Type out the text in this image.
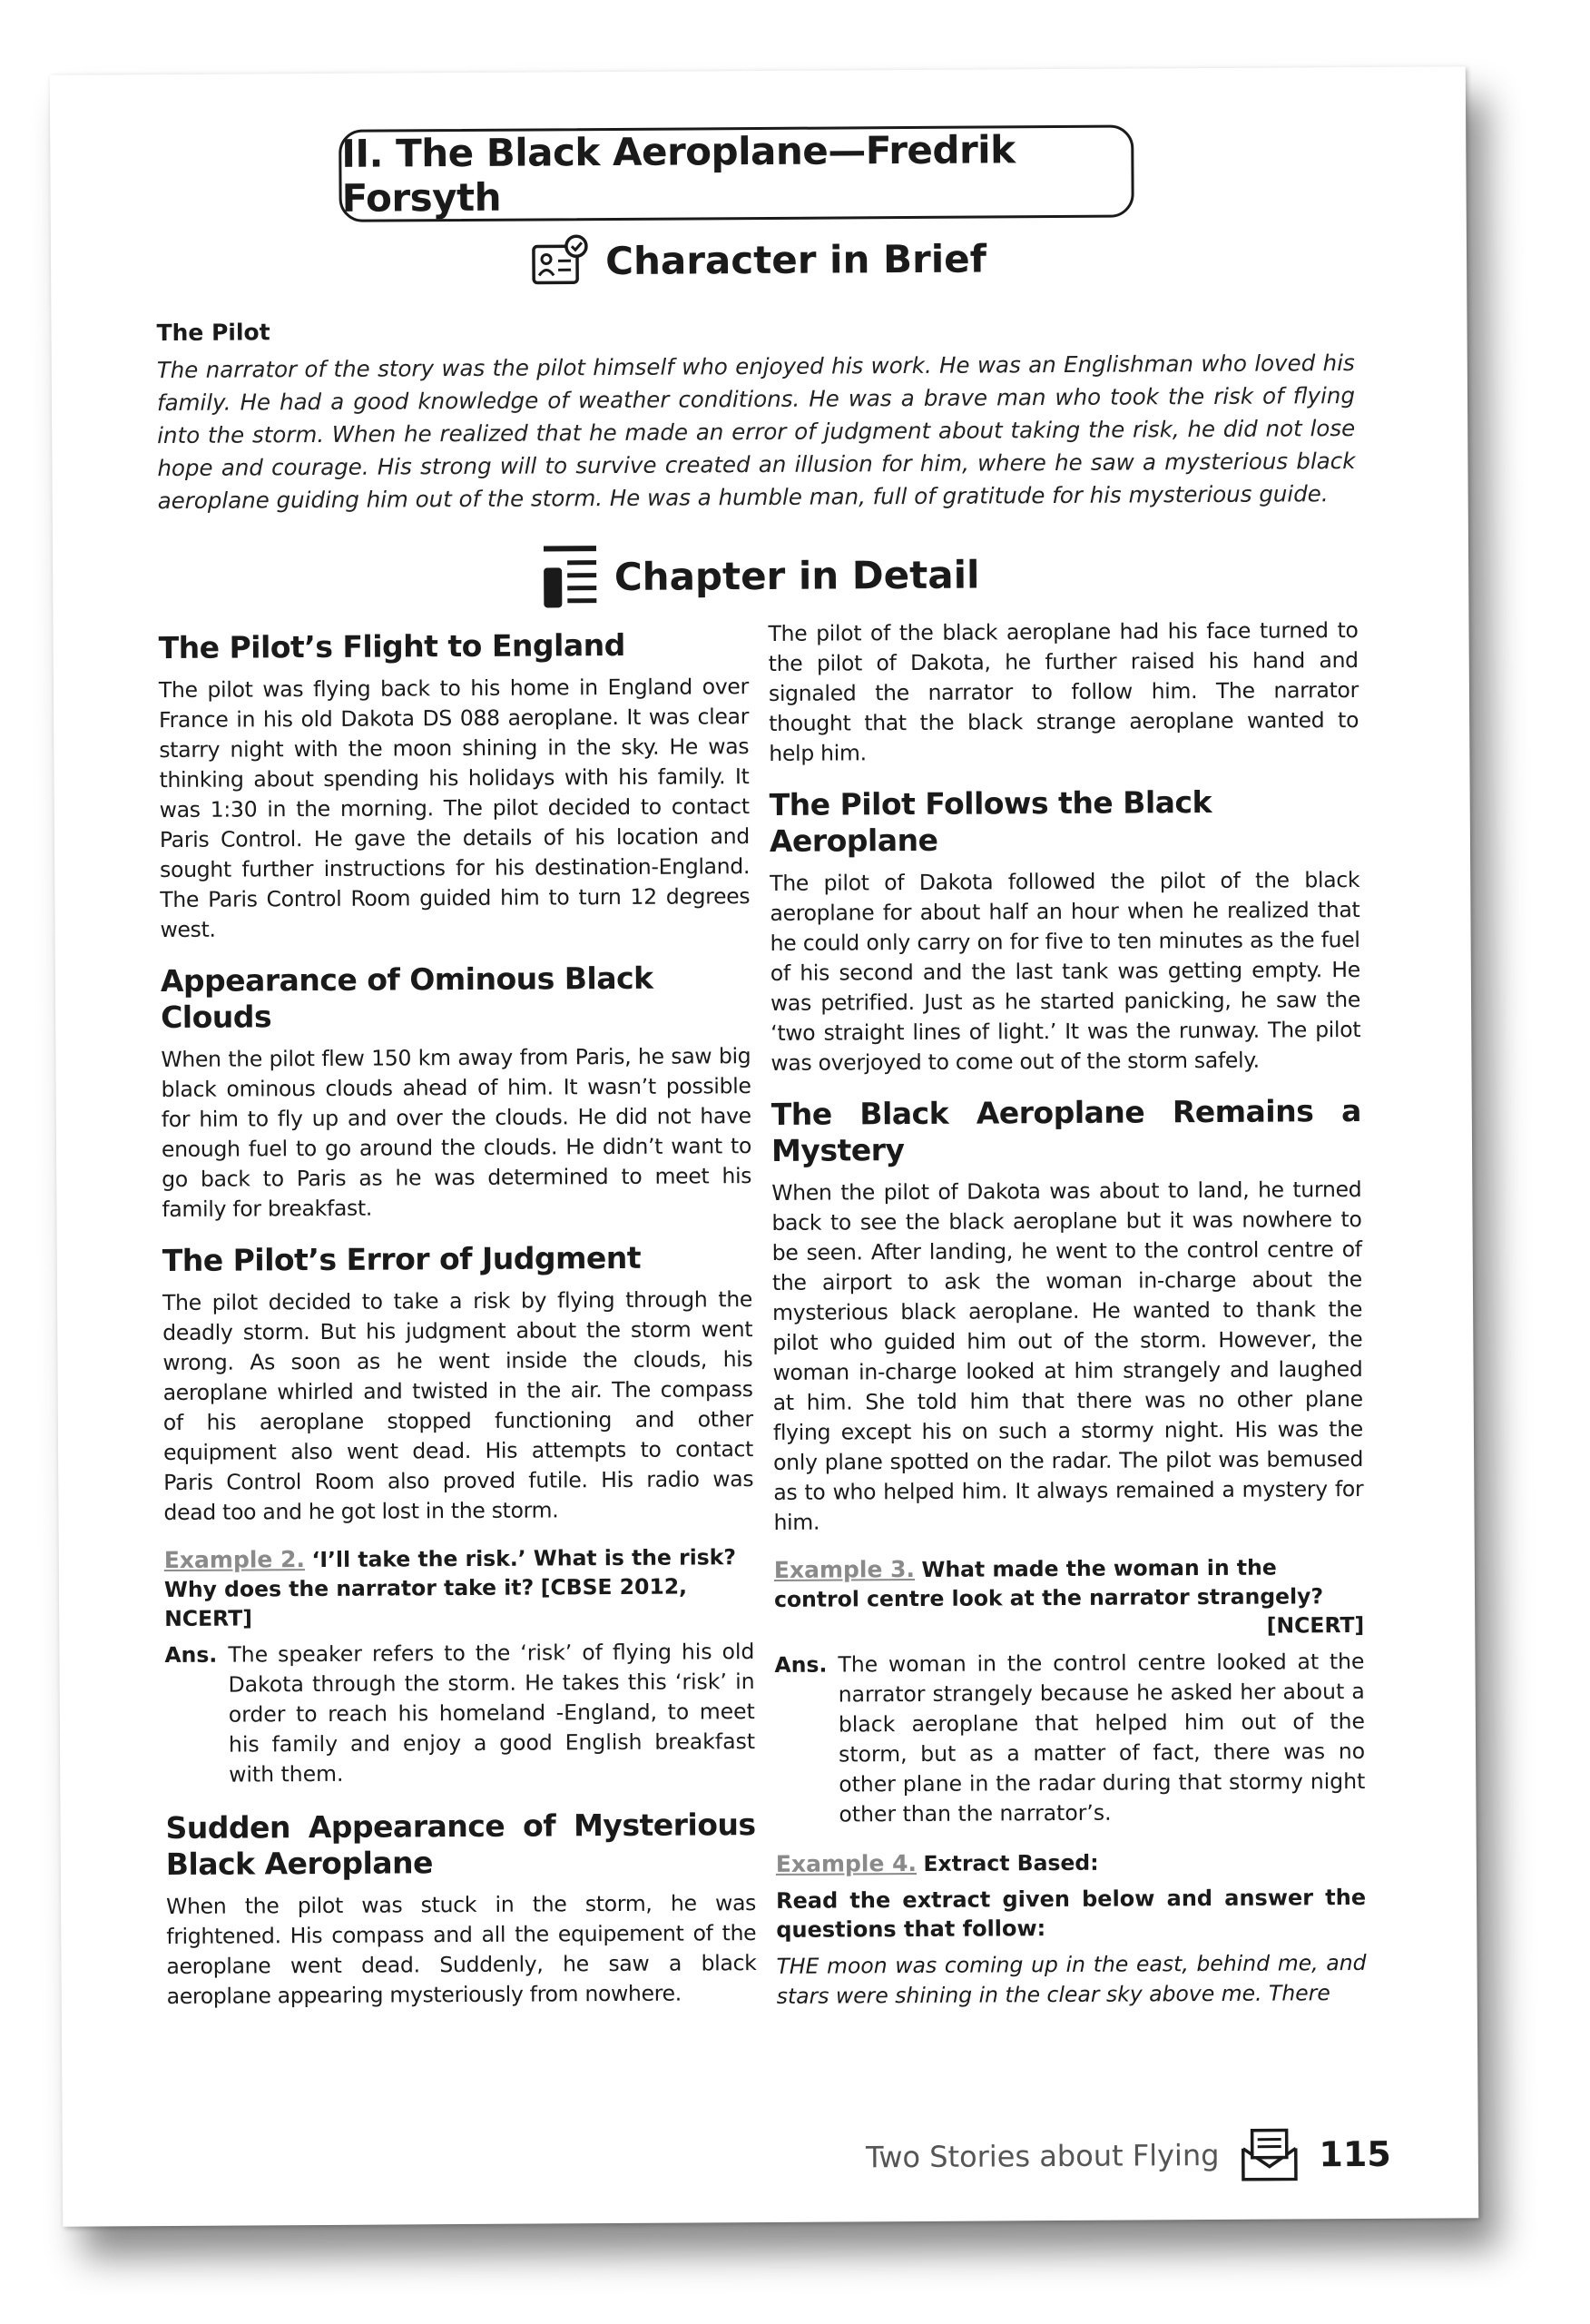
II. The Black Aeroplane—Fredrik Forsyth
Character in Brief
The Pilot
The narrator of the story was the pilot himself who enjoyed his work. He was an Englishman who loved his family. He had a good knowledge of weather conditions. He was a brave man who took the risk of flying into the storm. When he realized that he made an error of judgment about taking the risk, he did not lose hope and courage. His strong will to survive created an illusion for him, where he saw a mysterious black aeroplane guiding him out of the storm. He was a humble man, full of gratitude for his mysterious guide.
Chapter in Detail
The Pilot’s Flight to England

The pilot was flying back to his home in England over France in his old Dakota DS 088 aeroplane. It was clear starry night with the moon shining in the sky. He was thinking about spending his holidays with his family. It was 1:30 in the morning. The pilot decided to contact Paris Control. He gave the details of his location and sought further instructions for his destination-England. The Paris Control Room guided him to turn 12 degrees west.

Appearance of Ominous Black Clouds

When the pilot flew 150 km away from Paris, he saw big black ominous clouds ahead of him. It wasn’t possible for him to fly up and over the clouds. He did not have enough fuel to go around the clouds. He didn’t want to go back to Paris as he was determined to meet his family for breakfast.

The Pilot’s Error of Judgment

The pilot decided to take a risk by flying through the deadly storm. But his judgment about the storm went wrong. As soon as he went inside the clouds, his aeroplane whirled and twisted in the air. The compass of his aeroplane stopped functioning and other equipment also went dead. His attempts to contact Paris Control Room also proved futile. His radio was dead too and he got lost in the storm.

Example 2. ‘I’ll take the risk.’ What is the risk? Why does the narrator take it? [CBSE 2012, NCERT]
Ans. The speaker refers to the ‘risk’ of flying his old Dakota through the storm. He takes this ‘risk’ in order to reach his homeland -England, to meet his family and enjoy a good English breakfast with them.
Sudden Appearance of Mysterious Black Aeroplane

When the pilot was stuck in the storm, he was frightened. His compass and all the equipement of the aeroplane went dead. Suddenly, he saw a black aeroplane appearing mysteriously from nowhere.

The pilot of the black aeroplane had his face turned to the pilot of Dakota, he further raised his hand and signaled the narrator to follow him. The narrator thought that the black strange aeroplane wanted to help him.

The Pilot Follows the Black Aeroplane

The pilot of Dakota followed the pilot of the black aeroplane for about half an hour when he realized that he could only carry on for five to ten minutes as the fuel of his second and the last tank was getting empty. He was petrified. Just as he started panicking, he saw the ‘two straight lines of light.’ It was the runway. The pilot was overjoyed to come out of the storm safely.

The Black Aeroplane Remains a Mystery

When the pilot of Dakota was about to land, he turned back to see the black aeroplane but it was nowhere to be seen. After landing, he went to the control centre of the airport to ask the woman in-charge about the mysterious black aeroplane. He wanted to thank the pilot who guided him out of the storm. However, the woman in-charge looked at him strangely and laughed at him. She told him that there was no other plane flying except his on such a stormy night. His was the only plane spotted on the radar. The pilot was bemused as to who helped him. It always remained a mystery for him.

Example 3. What made the woman in the control centre look at the narrator strangely?
[NCERT]
Ans. The woman in the control centre looked at the narrator strangely because he asked her about a black aeroplane that helped him out of the storm, but as a matter of fact, there was no other plane in the radar during that stormy night other than the narrator’s.
Example 4. Extract Based:
Read the extract given below and answer the questions that follow:

THE moon was coming up in the east, behind me, and stars were shining in the clear sky above me. There

Two Stories about Flying	115
